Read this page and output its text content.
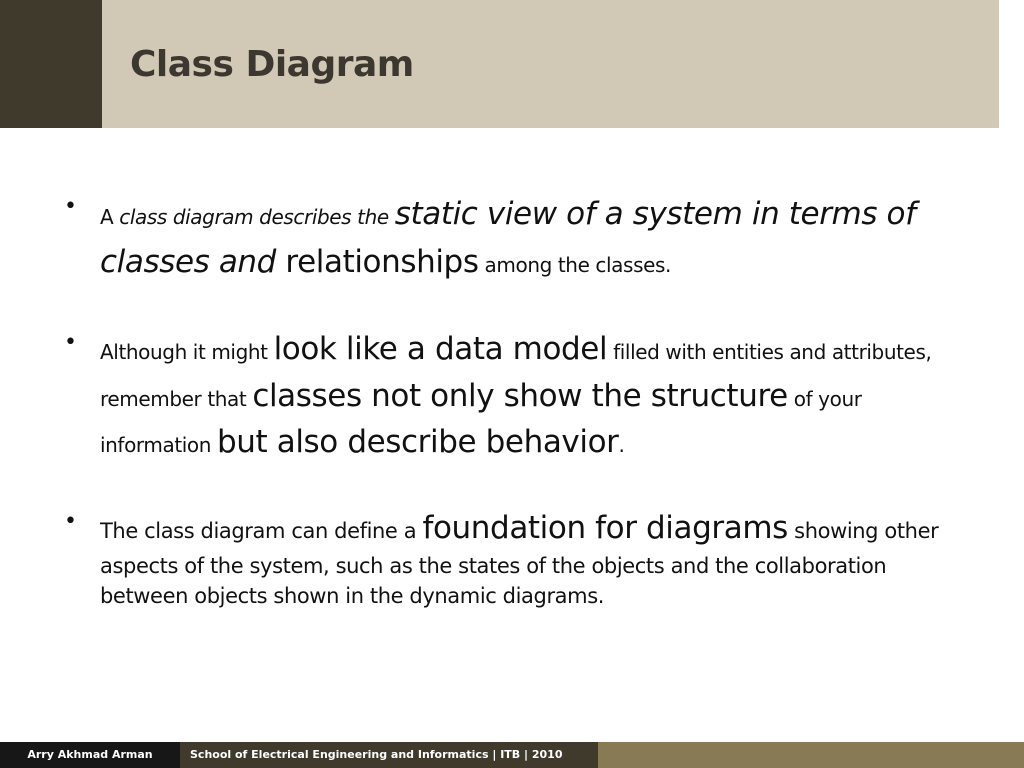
Class Diagram
• A class diagram describes the static view of a system in terms of classes and relationships among the classes.
• Although it might look like a data model filled with entities and attributes, remember that classes not only show the structure of your information but also describe behavior.
• The class diagram can define a foundation for diagrams showing other aspects of the system, such as the states of the objects and the collaboration between objects shown in the dynamic diagrams.
Arry Akhmad Arman	School of Electrical Engineering and Informatics | ITB | 2010
